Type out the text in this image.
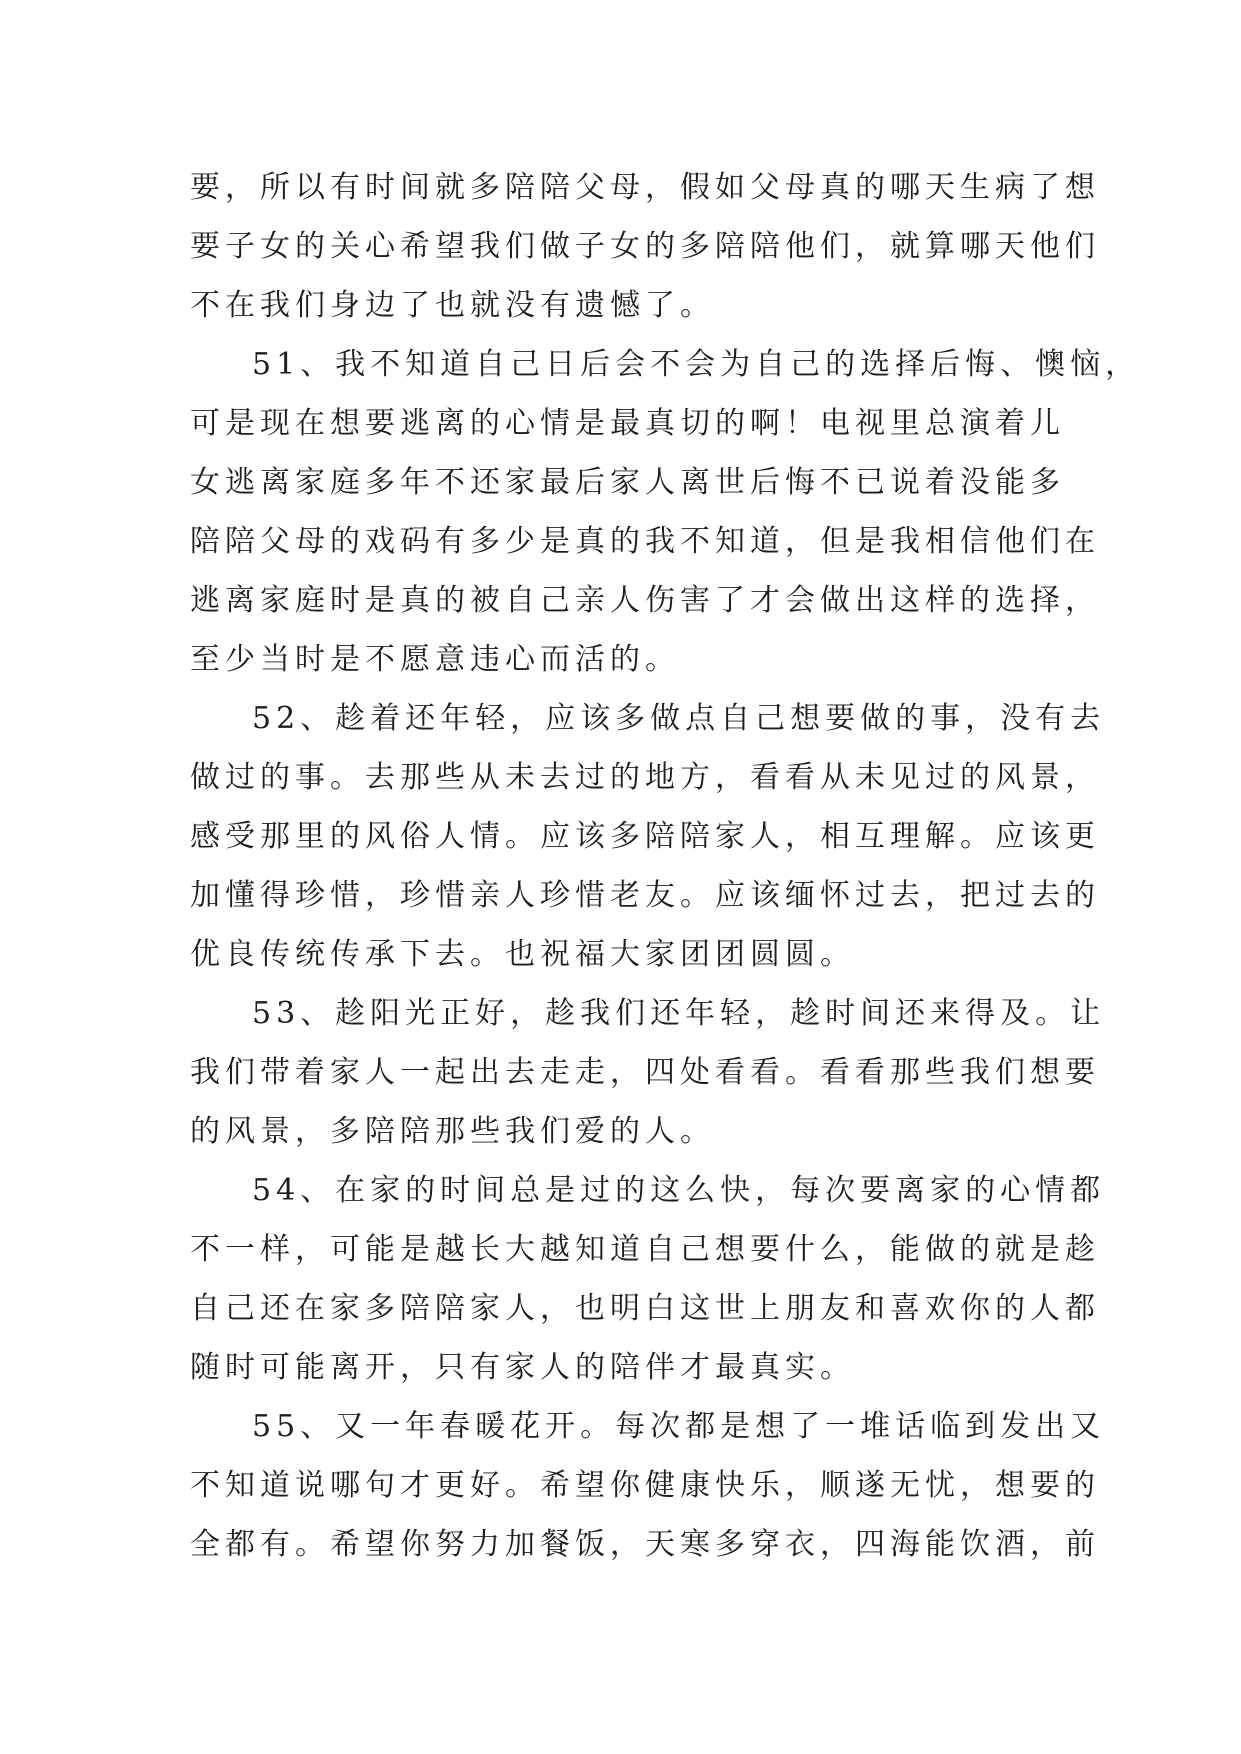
要，所以有时间就多陪陪父母，假如父母真的哪天生病了想
要子女的关心希望我们做子女的多陪陪他们，就算哪天他们
不在我们身边了也就没有遗憾了。
51、我不知道自己日后会不会为自己的选择后悔、懊恼，
可是现在想要逃离的心情是最真切的啊！电视里总演着儿
女逃离家庭多年不还家最后家人离世后悔不已说着没能多
陪陪父母的戏码有多少是真的我不知道，但是我相信他们在
逃离家庭时是真的被自己亲人伤害了才会做出这样的选择，
至少当时是不愿意违心而活的。
52、趁着还年轻，应该多做点自己想要做的事，没有去
做过的事。去那些从未去过的地方，看看从未见过的风景，
感受那里的风俗人情。应该多陪陪家人，相互理解。应该更
加懂得珍惜，珍惜亲人珍惜老友。应该缅怀过去，把过去的
优良传统传承下去。也祝福大家团团圆圆。
53、趁阳光正好，趁我们还年轻，趁时间还来得及。让
我们带着家人一起出去走走，四处看看。看看那些我们想要
的风景，多陪陪那些我们爱的人。
54、在家的时间总是过的这么快，每次要离家的心情都
不一样，可能是越长大越知道自己想要什么，能做的就是趁
自己还在家多陪陪家人，也明白这世上朋友和喜欢你的人都
随时可能离开，只有家人的陪伴才最真实。
55、又一年春暖花开。每次都是想了一堆话临到发出又
不知道说哪句才更好。希望你健康快乐，顺遂无忧，想要的
全都有。希望你努力加餐饭，天寒多穿衣，四海能饮酒，前
